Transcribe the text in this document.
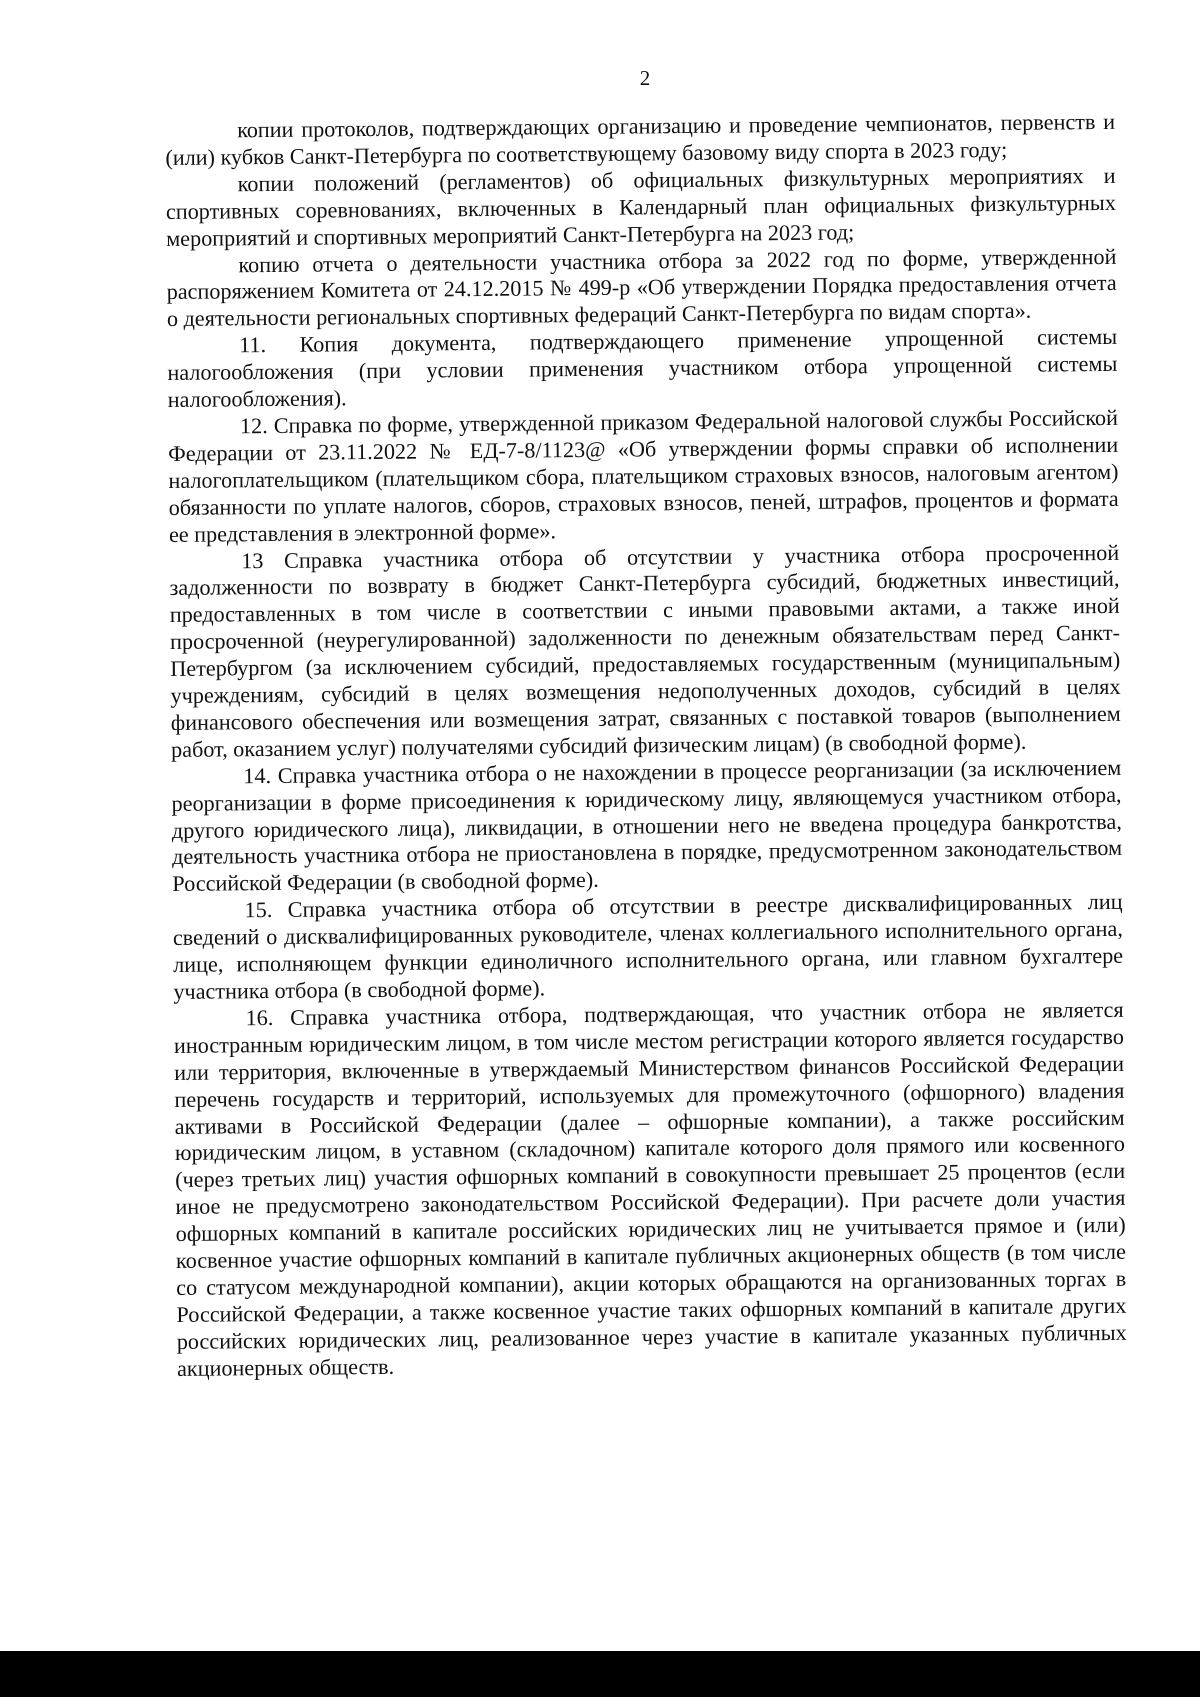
2

копии протоколов, подтверждающих организацию и проведение чемпионатов, первенств и (или) кубков Санкт-Петербурга по соответствующему базовому виду спорта в 2023 году;

копии положений (регламентов) об официальных физкультурных мероприятиях и спортивных соревнованиях, включенных в Календарный план официальных физкультурных мероприятий и спортивных мероприятий Санкт-Петербурга на 2023 год;

копию отчета о деятельности участника отбора за 2022 год по форме, утвержденной распоряжением Комитета от 24.12.2015 № 499-р «Об утверждении Порядка предоставления отчета о деятельности региональных спортивных федераций Санкт-Петербурга по видам спорта».

11. Копия документа, подтверждающего применение упрощенной системы налогообложения (при условии применения участником отбора упрощенной системы налогообложения).

12. Справка по форме, утвержденной приказом Федеральной налоговой службы Российской Федерации от 23.11.2022 № ЕД-7-8/1123@ «Об утверждении формы справки об исполнении налогоплательщиком (плательщиком сбора, плательщиком страховых взносов, налоговым агентом) обязанности по уплате налогов, сборов, страховых взносов, пеней, штрафов, процентов и формата ее представления в электронной форме».

13 Справка участника отбора об отсутствии у участника отбора просроченной задолженности по возврату в бюджет Санкт-Петербурга субсидий, бюджетных инвестиций, предоставленных в том числе в соответствии с иными правовыми актами, а также иной просроченной (неурегулированной) задолженности по денежным обязательствам перед Санкт-Петербургом (за исключением субсидий, предоставляемых государственным (муниципальным) учреждениям, субсидий в целях возмещения недополученных доходов, субсидий в целях финансового обеспечения или возмещения затрат, связанных с поставкой товаров (выполнением работ, оказанием услуг) получателями субсидий физическим лицам) (в свободной форме).

14. Справка участника отбора о не нахождении в процессе реорганизации (за исключением реорганизации в форме присоединения к юридическому лицу, являющемуся участником отбора, другого юридического лица), ликвидации, в отношении него не введена процедура банкротства, деятельность участника отбора не приостановлена в порядке, предусмотренном законодательством Российской Федерации (в свободной форме).

15. Справка участника отбора об отсутствии в реестре дисквалифицированных лиц сведений о дисквалифицированных руководителе, членах коллегиального исполнительного органа, лице, исполняющем функции единоличного исполнительного органа, или главном бухгалтере участника отбора (в свободной форме).

16. Справка участника отбора, подтверждающая, что участник отбора не является иностранным юридическим лицом, в том числе местом регистрации которого является государство или территория, включенные в утверждаемый Министерством финансов Российской Федерации перечень государств и территорий, используемых для промежуточного (офшорного) владения активами в Российской Федерации (далее – офшорные компании), а также российским юридическим лицом, в уставном (складочном) капитале которого доля прямого или косвенного (через третьих лиц) участия офшорных компаний в совокупности превышает 25 процентов (если иное не предусмотрено законодательством Российской Федерации). При расчете доли участия офшорных компаний в капитале российских юридических лиц не учитывается прямое и (или) косвенное участие офшорных компаний в капитале публичных акционерных обществ (в том числе со статусом международной компании), акции которых обращаются на организованных торгах в Российской Федерации, а также косвенное участие таких офшорных компаний в капитале других российских юридических лиц, реализованное через участие в капитале указанных публичных акционерных обществ.
